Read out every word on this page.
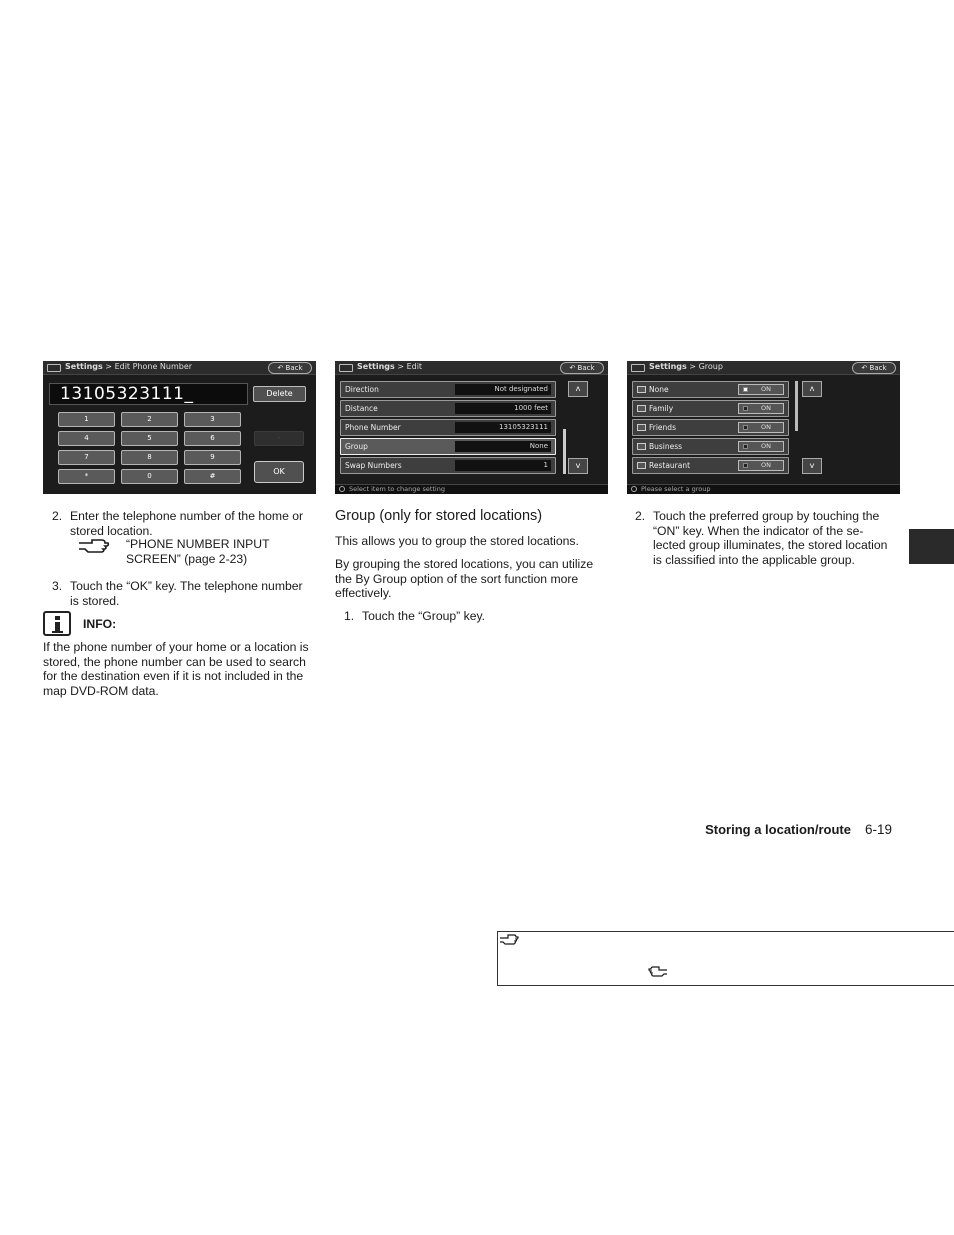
Settings > Edit Phone Number	↶ Back
13105323111_	Delete
1	2	3
4	5	6
7	8	9
*	0	#
-
OK
Settings > Edit	↶ Back
Direction	Not designated
Distance	1000 feet
Phone Number	13105323111
Group	None
Swap Numbers	1
˄
˅
Select item to change setting
Settings > Group	↶ Back
None	ON
Family	ON
Friends	ON
Business	ON
Restaurant	ON
˄
˅
Please select a group
2. Enter the telephone number of the home or
stored location.
“PHONE NUMBER INPUT
SCREEN” (page 2-23)
3. Touch the “OK” key. The telephone number
is stored.
INFO:
If the phone number of your home or a location is
stored, the phone number can be used to search
for the destination even if it is not included in the
map DVD-ROM data.
Group (only for stored locations)
This allows you to group the stored locations.
By grouping the stored locations, you can utilize
the By Group option of the sort function more
effectively.
1. Touch the “Group” key.
2. Touch the preferred group by touching the
“ON” key. When the indicator of the se-
lected group illuminates, the stored location
is classified into the applicable group.
Storing a location/route 6-19
